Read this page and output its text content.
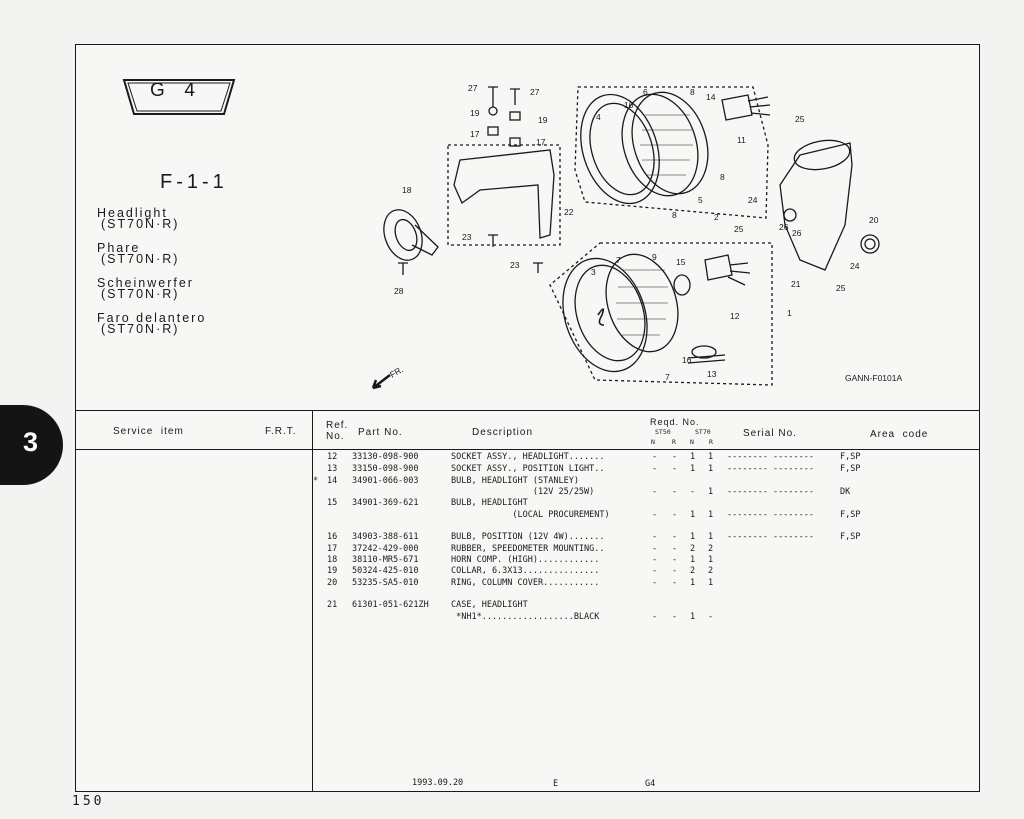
3
G  4
F-1-1
Headlight
(ST70N·R)
Phare
(ST70N·R)
Scheinwerfer
(ST70N·R)
Faro delantero
(ST70N·R)
27	27
19
19
17
17
18
22
23
23
28
4
10
6	8 14
11
8
2
8
5
25
24
25	26
26
20
24
21	25
3
7	9 15
12	1
7
16
13
FR.	GANN-F0101A
Service  item	F.R.T.
Ref.
No.	Part No.	Description
Reqd. No.
ST50	ST70
N	R N R
Serial No.	Area  code
12 33130-098-900	SOCKET ASSY., HEADLIGHT.......	- - 1 1 -------- --------	F,SP
13 33150-098-900	SOCKET ASSY., POSITION LIGHT..	- - 1 1 -------- --------	F,SP
* 14 34901-066-003	BULB, HEADLIGHT (STANLEY)
(12V 25/25W)	- - - 1 -------- --------	DK
15 34901-369-621	BULB, HEADLIGHT
(LOCAL PROCUREMENT)	- - 1 1 -------- --------	F,SP
16 34903-388-611	BULB, POSITION (12V 4W).......	- - 1 1 -------- --------	F,SP
17 37242-429-000	RUBBER, SPEEDOMETER MOUNTING..	- - 2 2
18 38110-MR5-671	HORN COMP. (HIGH)............	- - 1 1
19 50324-425-010	COLLAR, 6.3X13...............	- - 2 2
20 53235-SA5-010	RING, COLUMN COVER...........	- - 1 1
21 61301-051-621ZH	CASE, HEADLIGHT
*NH1*..................BLACK	- - 1 -
1993.09.20	E	G4
150
